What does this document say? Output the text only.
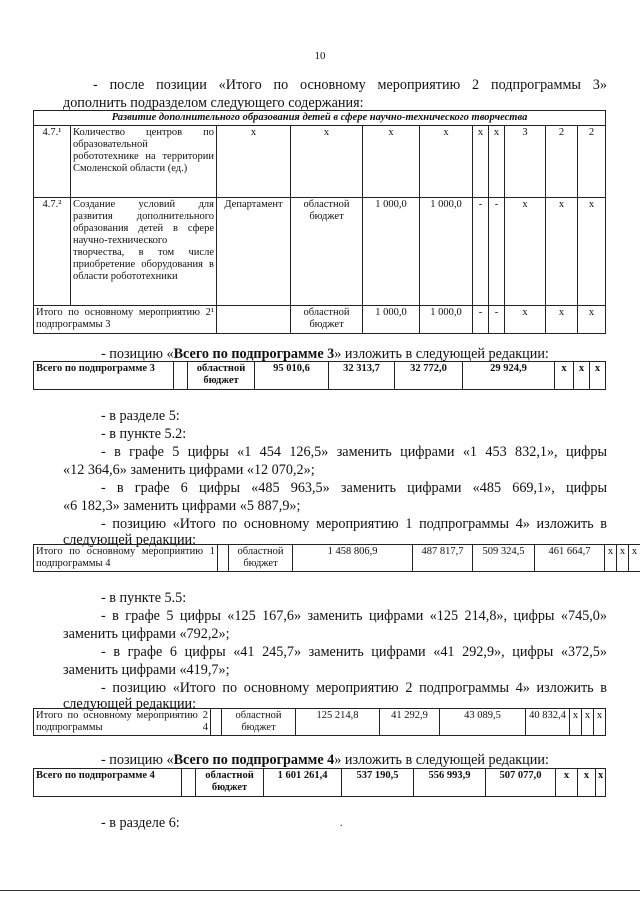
10
- после позиции «Итого по основному мероприятию 2 подпрограммы 3»
дополнить подразделом следующего содержания:
Развитие дополнительного образования детей в сфере научно-технического творчества										
4.7.¹	Количество центров по образовательной робототехнике на территории Смоленской области (ед.)	х	х	х	х	х	х	3	2	2
4.7.²	Создание условий для развития дополнительного образования детей в сфере научно-технического творчества, в том числе приобретение оборудования в области робототехники	Департамент	областной бюджет	1 000,0	1 000,0	-	-	х	х	х
Итого по основному мероприятию 2¹ подпрограммы 3			областной бюджет	1 000,0	1 000,0	-	-	х	х	х
- позицию «Всего по подпрограмме 3» изложить в следующей редакции:
Всего по подпрограмме 3		областной бюджет	95 010,6	32 313,7	32 772,0	29 924,9	х	х	х
- в разделе 5:
- в пункте 5.2:
- в графе 5 цифры «1 454 126,5» заменить цифрами «1 453 832,1», цифры
«12 364,6» заменить цифрами «12 070,2»;
- в графе 6 цифры «485 963,5» заменить цифрами «485 669,1», цифры
«6 182,3» заменить цифрами «5 887,9»;
- позицию «Итого по основному мероприятию 1 подпрограммы 4» изложить в
следующей редакции:
Итого по основному мероприятию 1 подпрограммы 4		областной бюджет	1 458 806,9	487 817,7	509 324,5	461 664,7	х	х	х
- в пункте 5.5:
- в графе 5 цифры «125 167,6» заменить цифрами «125 214,8», цифры «745,0»
заменить цифрами «792,2»;
- в графе 6 цифры «41 245,7» заменить цифрами «41 292,9», цифры «372,5»
заменить цифрами «419,7»;
- позицию «Итого по основному мероприятию 2 подпрограммы 4» изложить в
следующей редакции:
Итого по основному мероприятию 2 подпрограммы 4		областной бюджет	125 214,8	41 292,9	43 089,5	40 832,4	х	х	х
- позицию «Всего по подпрограмме 4» изложить в следующей редакции:
Всего по подпрограмме 4		областной бюджет	1 601 261,4	537 190,5	556 993,9	507 077,0	х	х	х
- в разделе 6:	.
